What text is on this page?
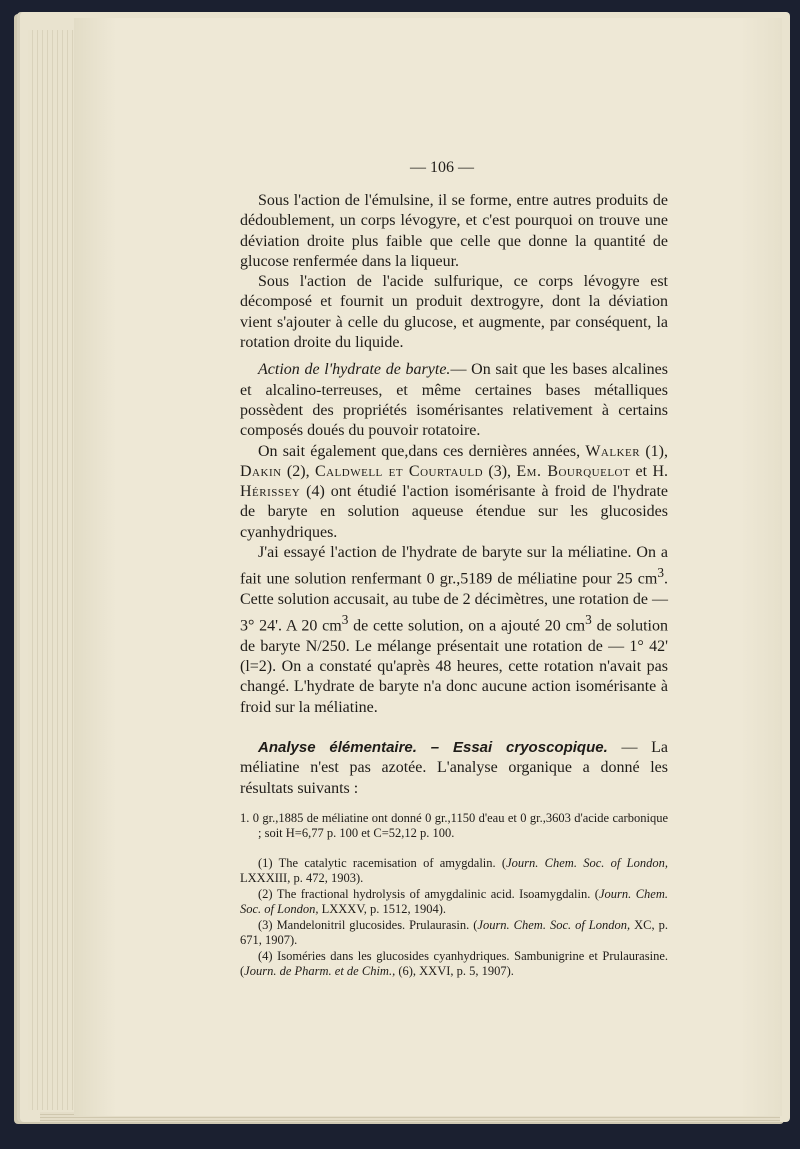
— 106 —

Sous l'action de l'émulsine, il se forme, entre autres produits de dédoublement, un corps lévogyre, et c'est pourquoi on trouve une déviation droite plus faible que celle que donne la quantité de glucose renfermée dans la liqueur.

Sous l'action de l'acide sulfurique, ce corps lévogyre est décomposé et fournit un produit dextrogyre, dont la déviation vient s'ajouter à celle du glucose, et augmente, par conséquent, la rotation droite du liquide.

Action de l'hydrate de baryte.— On sait que les bases alcalines et alcalino-terreuses, et même certaines bases métalliques possèdent des propriétés isomérisantes relativement à certains composés doués du pouvoir rotatoire.

On sait également que,dans ces dernières années, Walker (1), Dakin (2), Caldwell et Courtauld (3), Em. Bourquelot et H. Hérissey (4) ont étudié l'action isomérisante à froid de l'hydrate de baryte en solution aqueuse étendue sur les glucosides cyanhydriques.

J'ai essayé l'action de l'hydrate de baryte sur la méliatine. On a fait une solution renfermant 0 gr.,5189 de méliatine pour 25 $cm^3$. Cette solution accusait, au tube de 2 décimètres, une rotation de — 3° 24'. A 20 $cm^3$ de cette solution, on a ajouté 20 $cm^3$ de solution de baryte N/250. Le mélange présentait une rotation de — 1° 42' (l=2). On a constaté qu'après 48 heures, cette rotation n'avait pas changé. L'hydrate de baryte n'a donc aucune action isomérisante à froid sur la méliatine.

Analyse élémentaire. – Essai cryoscopique. — La méliatine n'est pas azotée. L'analyse organique a donné les résultats suivants :

1. 0 gr.,1885 de méliatine ont donné 0 gr.,1150 d'eau et 0 gr.,3603 d'acide carbonique ; soit H=6,77 p. 100 et C=52,12 p. 100.

(1) The catalytic racemisation of amygdalin. (Journ. Chem. Soc. of London, LXXXIII, p. 472, 1903).

(2) The fractional hydrolysis of amygdalinic acid. Isoamygdalin. (Journ. Chem. Soc. of London, LXXXV, p. 1512, 1904).

(3) Mandelonitril glucosides. Prulaurasin. (Journ. Chem. Soc. of London, XC, p. 671, 1907).

(4) Isoméries dans les glucosides cyanhydriques. Sambunigrine et Prulaurasine. (Journ. de Pharm. et de Chim., (6), XXVI, p. 5, 1907).
